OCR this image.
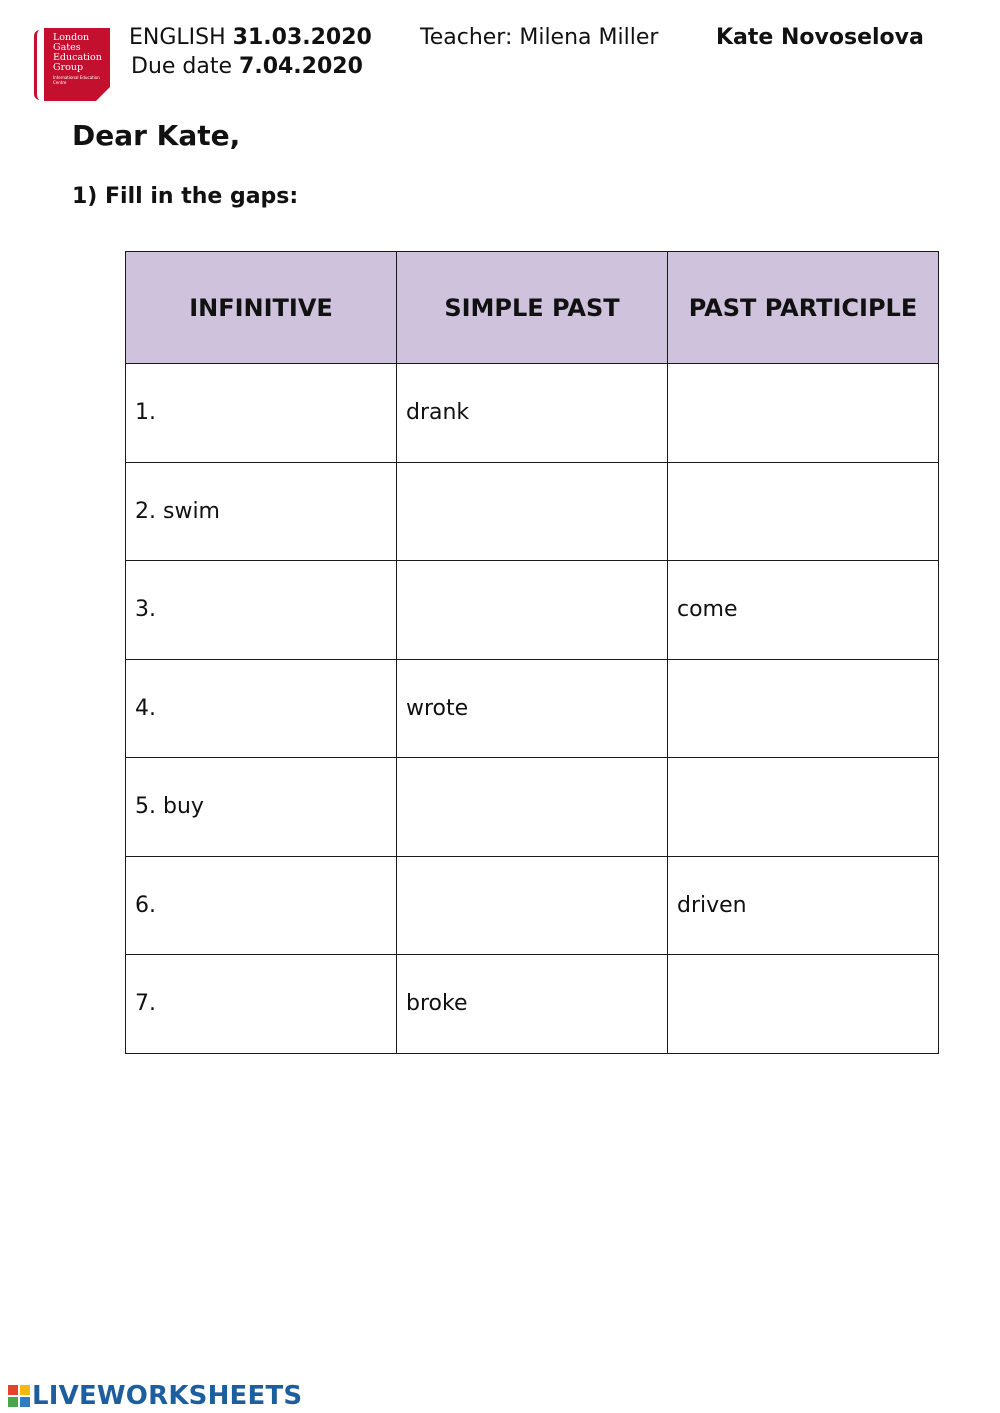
London Gates Education Group
International Education Centre
ENGLISH 31.03.2020 Teacher: Milena Miller	Kate Novoselova
Due date 7.04.2020
Dear Kate,
1) Fill in the gaps:
INFINITIVE	SIMPLE PAST	PAST PARTICIPLE
1.	drank	
2. swim		
3.		come
4.	wrote	
5. buy		
6.		driven
7.	broke	
LIVEWORKSHEETS
